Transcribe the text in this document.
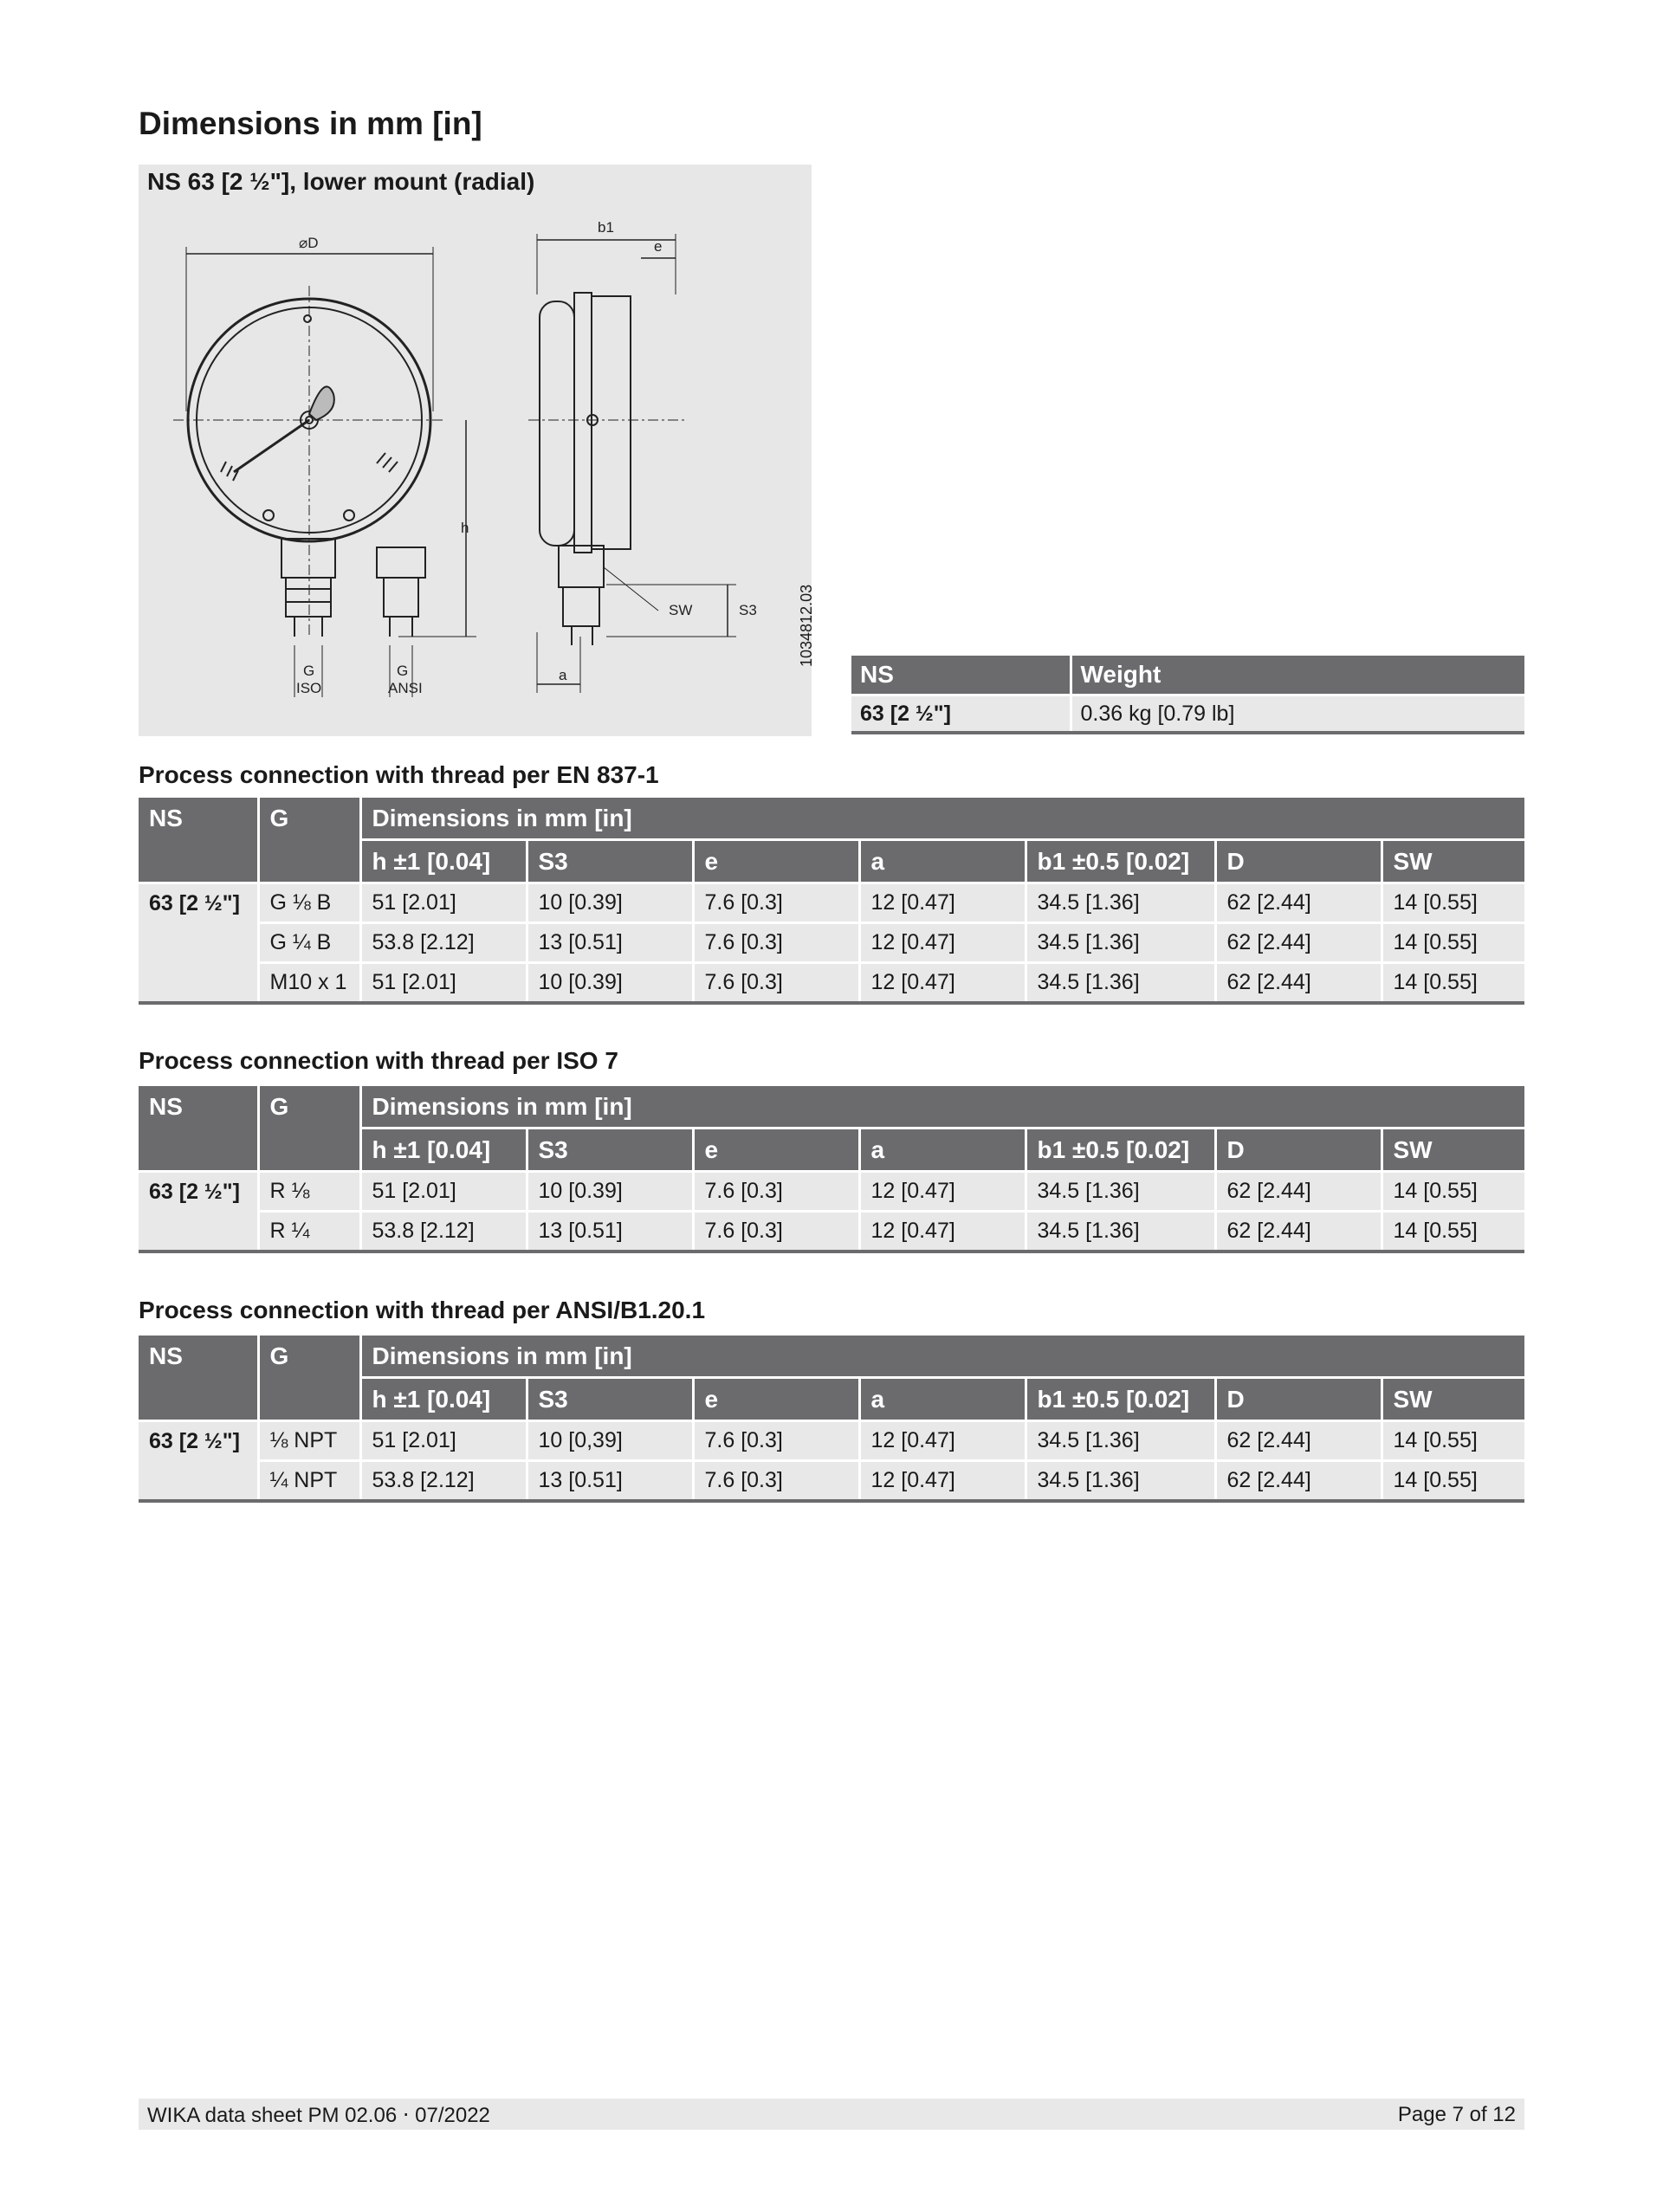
Dimensions in mm [in]
NS 63 [2 ½"], lower mount (radial)
⌀D
b1
e
h
S3
SW
a
G
ISO
G
ANSI
1034812.03
NS	Weight
63 [2 ½"]	0.36 kg [0.79 lb]
Process connection with thread per EN 837-1
NS	G	Dimensions in mm [in]						
		h ±1 [0.04]	S3	e	a	b1 ±0.5 [0.02]	D	SW
63 [2 ½"]	G ⅛ B	51 [2.01]	10 [0.39]	7.6 [0.3]	12 [0.47]	34.5 [1.36]	62 [2.44]	14 [0.55]
	G ¼ B	53.8 [2.12]	13 [0.51]	7.6 [0.3]	12 [0.47]	34.5 [1.36]	62 [2.44]	14 [0.55]
	M10 x 1	51 [2.01]	10 [0.39]	7.6 [0.3]	12 [0.47]	34.5 [1.36]	62 [2.44]	14 [0.55]
Process connection with thread per ISO 7
NS	G	Dimensions in mm [in]						
		h ±1 [0.04]	S3	e	a	b1 ±0.5 [0.02]	D	SW
63 [2 ½"]	R ⅛	51 [2.01]	10 [0.39]	7.6 [0.3]	12 [0.47]	34.5 [1.36]	62 [2.44]	14 [0.55]
	R ¼	53.8 [2.12]	13 [0.51]	7.6 [0.3]	12 [0.47]	34.5 [1.36]	62 [2.44]	14 [0.55]
Process connection with thread per ANSI/B1.20.1
NS	G	Dimensions in mm [in]						
		h ±1 [0.04]	S3	e	a	b1 ±0.5 [0.02]	D	SW
63 [2 ½"]	⅛ NPT	51 [2.01]	10 [0,39]	7.6 [0.3]	12 [0.47]	34.5 [1.36]	62 [2.44]	14 [0.55]
	¼ NPT	53.8 [2.12]	13 [0.51]	7.6 [0.3]	12 [0.47]	34.5 [1.36]	62 [2.44]	14 [0.55]
WIKA data sheet PM 02.06 ⋅ 07/2022	Page 7 of 12
